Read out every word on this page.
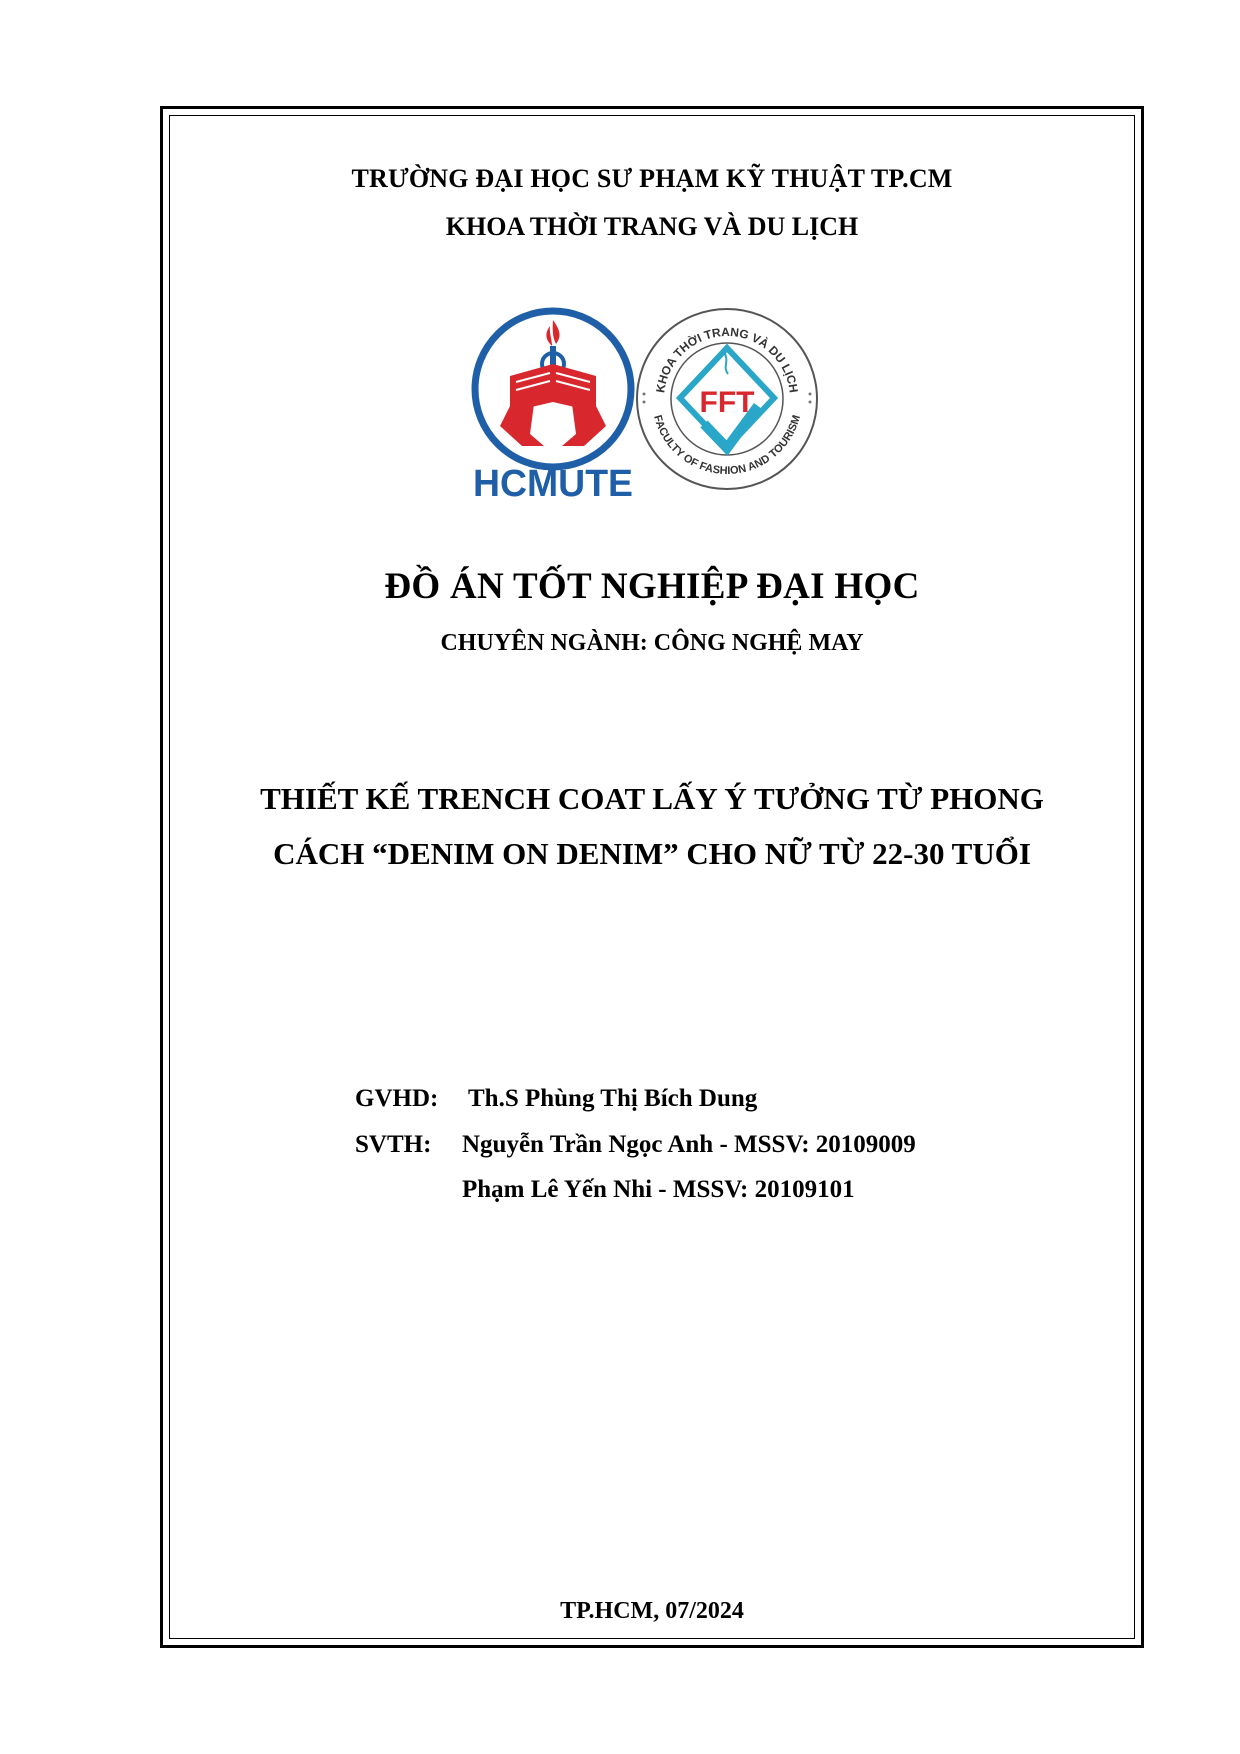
TRƯỜNG ĐẠI HỌC SƯ PHẠM KỸ THUẬT TP.CM
KHOA THỜI TRANG VÀ DU LỊCH
HCMUTE
KHOA THỜI TRANG VÀ DU LỊCH
FACULTY OF FASHION AND TOURISM
FFT
ĐỒ ÁN TỐT NGHIỆP ĐẠI HỌC
CHUYÊN NGÀNH: CÔNG NGHỆ MAY
THIẾT KẾ TRENCH COAT LẤY Ý TƯỞNG TỪ PHONG
CÁCH “DENIM ON DENIM” CHO NỮ TỪ 22-30 TUỔI
GVHD: Th.S Phùng Thị Bích Dung
SVTH: Nguyễn Trần Ngọc Anh - MSSV: 20109009
Phạm Lê Yến Nhi - MSSV: 20109101
TP.HCM, 07/2024
